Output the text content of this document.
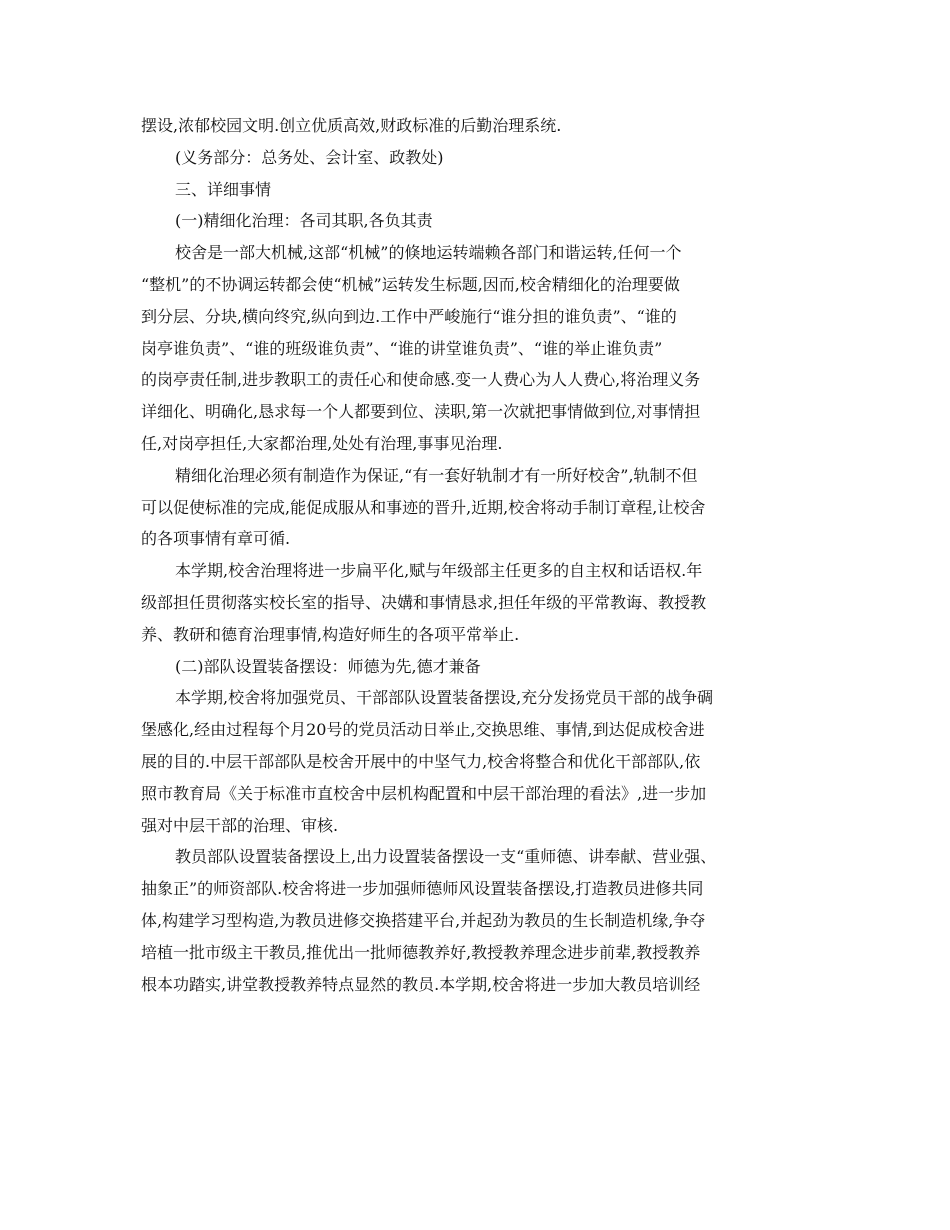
摆设,浓郁校园文明.创立优质高效,财政标准的后勤治理系统.
(义务部分：总务处、会计室、政教处)
三、详细事情
(一)精细化治理：各司其职,各负其责
校舍是一部大机械,这部“机械”的倏地运转端赖各部门和谐运转,任何一个
“整机”的不协调运转都会使“机械”运转发生标题,因而,校舍精细化的治理要做
到分层、分块,横向终究,纵向到边.工作中严峻施行“谁分担的谁负责”、“谁的
岗亭谁负责”、“谁的班级谁负责”、“谁的讲堂谁负责”、“谁的举止谁负责”
的岗亭责任制,进步教职工的责任心和使命感.变一人费心为人人费心,将治理义务
详细化、明确化,恳求每一个人都要到位、渎职,第一次就把事情做到位,对事情担
任,对岗亭担任,大家都治理,处处有治理,事事见治理.
精细化治理必须有制造作为保证,“有一套好轨制才有一所好校舍”,轨制不但
可以促使标准的完成,能促成服从和事迹的晋升,近期,校舍将动手制订章程,让校舍
的各项事情有章可循.
本学期,校舍治理将进一步扁平化,赋与年级部主任更多的自主权和话语权.年
级部担任贯彻落实校长室的指导、决媾和事情恳求,担任年级的平常教诲、教授教
养、教研和德育治理事情,构造好师生的各项平常举止.
(二)部队设置装备摆设：师德为先,德才兼备
本学期,校舍将加强党员、干部部队设置装备摆设,充分发扬党员干部的战争碉
堡感化,经由过程每个月20号的党员活动日举止,交换思维、事情,到达促成校舍进
展的目的.中层干部部队是校舍开展中的中坚气力,校舍将整合和优化干部部队,依
照市教育局《关于标准市直校舍中层机构配置和中层干部治理的看法》,进一步加
强对中层干部的治理、审核.
教员部队设置装备摆设上,出力设置装备摆设一支“重师德、讲奉献、营业强、
抽象正”的师资部队.校舍将进一步加强师德师风设置装备摆设,打造教员进修共同
体,构建学习型构造,为教员进修交换搭建平台,并起劲为教员的生长制造机缘,争夺
培植一批市级主干教员,推优出一批师德教养好,教授教养理念进步前辈,教授教养
根本功踏实,讲堂教授教养特点显然的教员.本学期,校舍将进一步加大教员培训经
